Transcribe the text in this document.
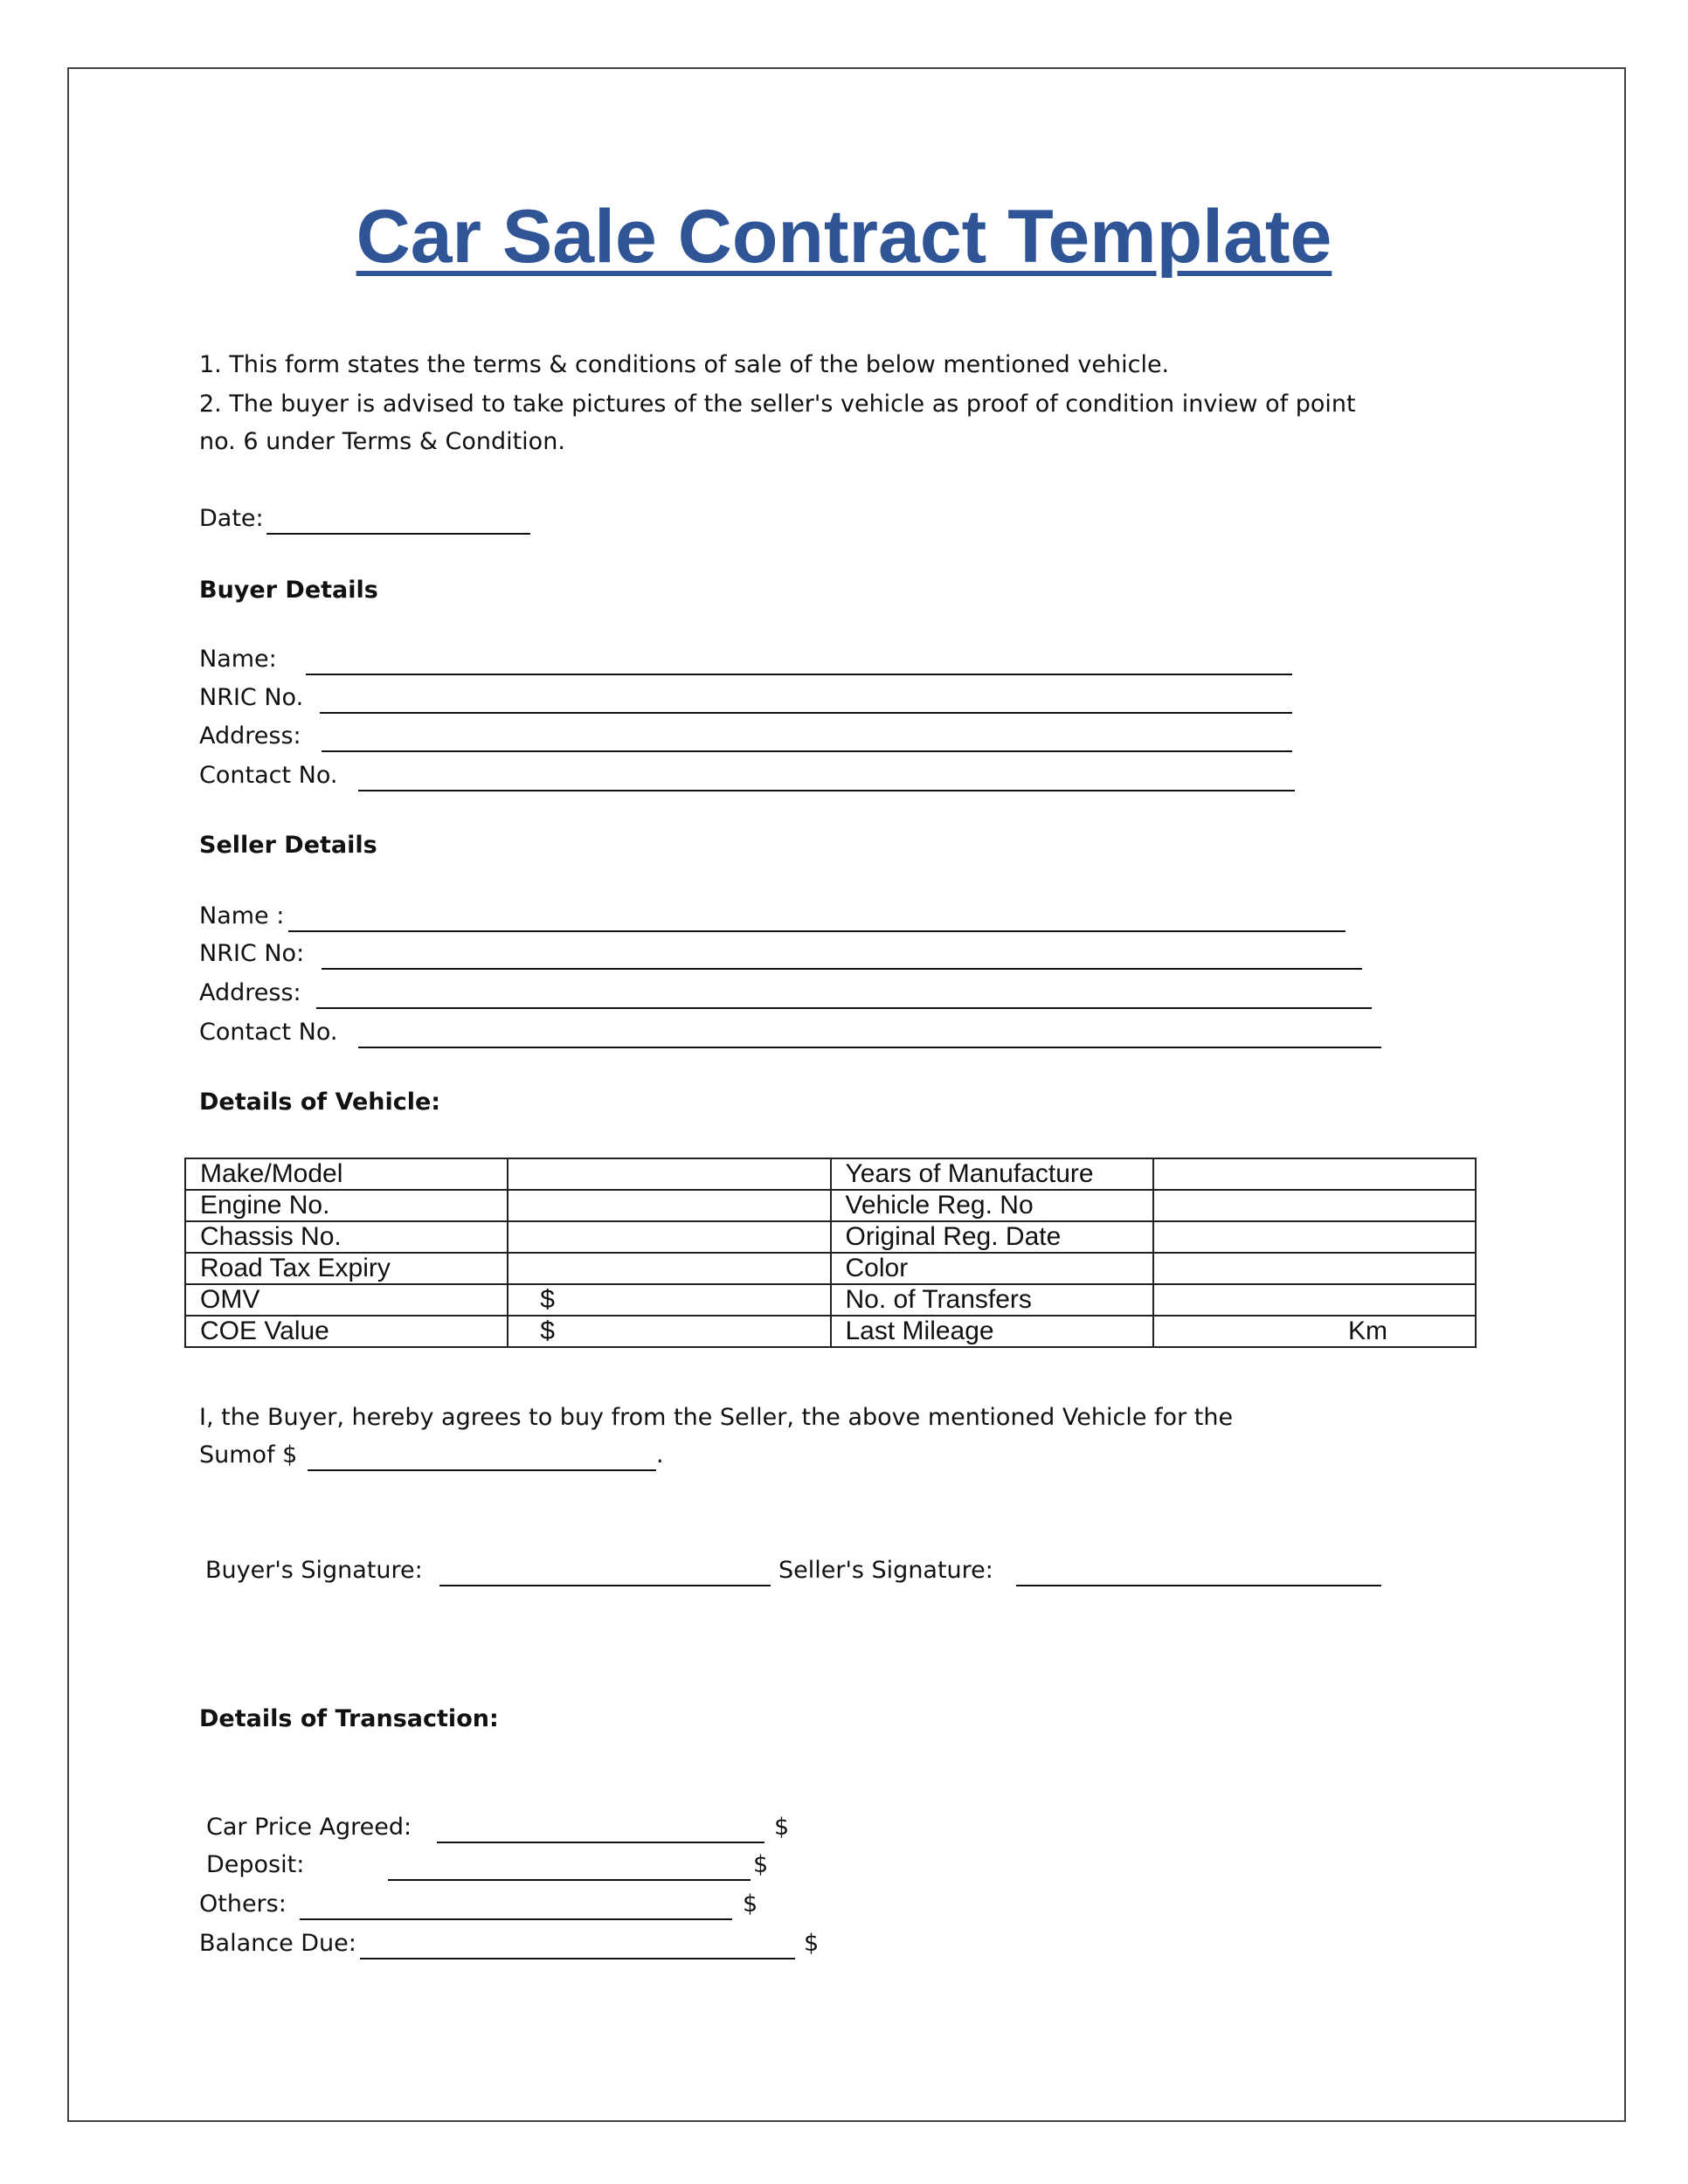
Car Sale Contract Template
1. This form states the terms & conditions of sale of the below mentioned vehicle.
2. The buyer is advised to take pictures of the seller's vehicle as proof of condition inview of point
no. 6 under Terms & Condition.
Date:
Buyer Details
Name:
NRIC No.
Address:
Contact No.
Seller Details
Name :
NRIC No:
Address:
Contact No.
Details of Vehicle:
Make/Model		Years of Manufacture	
Engine No.		Vehicle Reg. No	
Chassis No.		Original Reg. Date	
Road Tax Expiry		Color	
OMV	$	No. of Transfers	
COE Value	$	Last Mileage	Km
I, the Buyer, hereby agrees to buy from the Seller, the above mentioned Vehicle for the
Sumof $	.
Buyer's Signature:	Seller's Signature:
Details of Transaction:
Car Price Agreed:	$
Deposit:	$
Others:	$
Balance Due:	$
